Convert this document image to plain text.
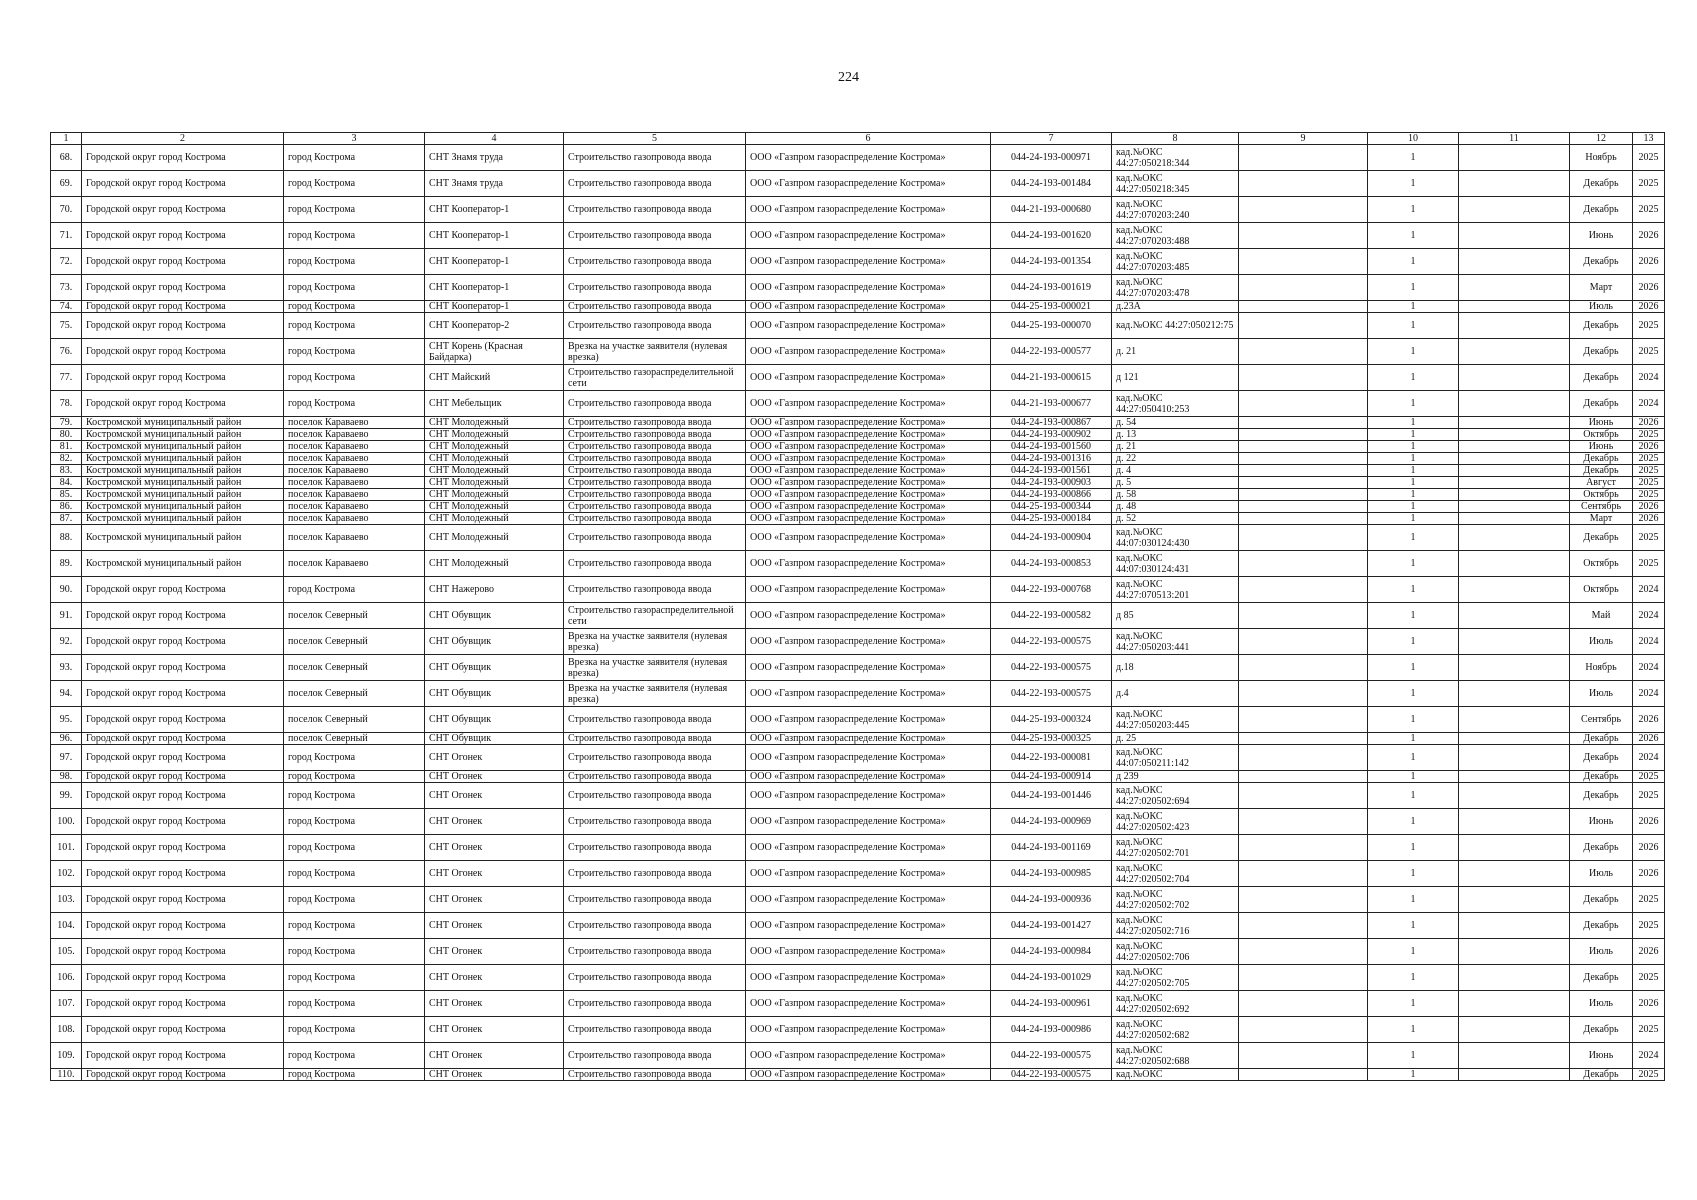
224
1	2	3	4	5	6	7	8	9	10	11	12	13
68.	Городской округ город Кострома	город Кострома	СНТ Знамя труда	Строительство газопровода ввода	ООО «Газпром газораспределение Кострома»	044-24-193-000971	кад.№ОКС 44:27:050218:344		1		Ноябрь	2025
69.	Городской округ город Кострома	город Кострома	СНТ Знамя труда	Строительство газопровода ввода	ООО «Газпром газораспределение Кострома»	044-24-193-001484	кад.№ОКС 44:27:050218:345		1		Декабрь	2025
70.	Городской округ город Кострома	город Кострома	СНТ Кооператор-1	Строительство газопровода ввода	ООО «Газпром газораспределение Кострома»	044-21-193-000680	кад.№ОКС 44:27:070203:240		1		Декабрь	2025
71.	Городской округ город Кострома	город Кострома	СНТ Кооператор-1	Строительство газопровода ввода	ООО «Газпром газораспределение Кострома»	044-24-193-001620	кад.№ОКС 44:27:070203:488		1		Июнь	2026
72.	Городской округ город Кострома	город Кострома	СНТ Кооператор-1	Строительство газопровода ввода	ООО «Газпром газораспределение Кострома»	044-24-193-001354	кад.№ОКС 44:27:070203:485		1		Декабрь	2026
73.	Городской округ город Кострома	город Кострома	СНТ Кооператор-1	Строительство газопровода ввода	ООО «Газпром газораспределение Кострома»	044-24-193-001619	кад.№ОКС 44:27:070203:478		1		Март	2026
74.	Городской округ город Кострома	город Кострома	СНТ Кооператор-1	Строительство газопровода ввода	ООО «Газпром газораспределение Кострома»	044-25-193-000021	д.23А		1		Июль	2026
75.	Городской округ город Кострома	город Кострома	СНТ Кооператор-2	Строительство газопровода ввода	ООО «Газпром газораспределение Кострома»	044-25-193-000070	кад.№ОКС 44:27:050212:75		1		Декабрь	2025
76.	Городской округ город Кострома	город Кострома	СНТ Корень (Красная Байдарка)	Врезка на участке заявителя (нулевая врезка)	ООО «Газпром газораспределение Кострома»	044-22-193-000577	д. 21		1		Декабрь	2025
77.	Городской округ город Кострома	город Кострома	СНТ Майский	Строительство газораспределительной сети	ООО «Газпром газораспределение Кострома»	044-21-193-000615	д 121		1		Декабрь	2024
78.	Городской округ город Кострома	город Кострома	СНТ Мебельщик	Строительство газопровода ввода	ООО «Газпром газораспределение Кострома»	044-21-193-000677	кад.№ОКС 44:27:050410:253		1		Декабрь	2024
79.	Костромской муниципальный район	поселок Караваево	СНТ Молодежный	Строительство газопровода ввода	ООО «Газпром газораспределение Кострома»	044-24-193-000867	д. 54		1		Июнь	2026
80.	Костромской муниципальный район	поселок Караваево	СНТ Молодежный	Строительство газопровода ввода	ООО «Газпром газораспределение Кострома»	044-24-193-000902	д. 13		1		Октябрь	2025
81.	Костромской муниципальный район	поселок Караваево	СНТ Молодежный	Строительство газопровода ввода	ООО «Газпром газораспределение Кострома»	044-24-193-001560	д. 21		1		Июнь	2026
82.	Костромской муниципальный район	поселок Караваево	СНТ Молодежный	Строительство газопровода ввода	ООО «Газпром газораспределение Кострома»	044-24-193-001316	д. 22		1		Декабрь	2025
83.	Костромской муниципальный район	поселок Караваево	СНТ Молодежный	Строительство газопровода ввода	ООО «Газпром газораспределение Кострома»	044-24-193-001561	д. 4		1		Декабрь	2025
84.	Костромской муниципальный район	поселок Караваево	СНТ Молодежный	Строительство газопровода ввода	ООО «Газпром газораспределение Кострома»	044-24-193-000903	д. 5		1		Август	2025
85.	Костромской муниципальный район	поселок Караваево	СНТ Молодежный	Строительство газопровода ввода	ООО «Газпром газораспределение Кострома»	044-24-193-000866	д. 58		1		Октябрь	2025
86.	Костромской муниципальный район	поселок Караваево	СНТ Молодежный	Строительство газопровода ввода	ООО «Газпром газораспределение Кострома»	044-25-193-000344	д. 48		1		Сентябрь	2026
87.	Костромской муниципальный район	поселок Караваево	СНТ Молодежный	Строительство газопровода ввода	ООО «Газпром газораспределение Кострома»	044-25-193-000184	д. 52		1		Март	2026
88.	Костромской муниципальный район	поселок Караваево	СНТ Молодежный	Строительство газопровода ввода	ООО «Газпром газораспределение Кострома»	044-24-193-000904	кад.№ОКС 44:07:030124:430		1		Декабрь	2025
89.	Костромской муниципальный район	поселок Караваево	СНТ Молодежный	Строительство газопровода ввода	ООО «Газпром газораспределение Кострома»	044-24-193-000853	кад.№ОКС 44:07:030124:431		1		Октябрь	2025
90.	Городской округ город Кострома	город Кострома	СНТ Нажерово	Строительство газопровода ввода	ООО «Газпром газораспределение Кострома»	044-22-193-000768	кад.№ОКС 44:27:070513:201		1		Октябрь	2024
91.	Городской округ город Кострома	поселок Северный	СНТ Обувщик	Строительство газораспределительной сети	ООО «Газпром газораспределение Кострома»	044-22-193-000582	д 85		1		Май	2024
92.	Городской округ город Кострома	поселок Северный	СНТ Обувщик	Врезка на участке заявителя (нулевая врезка)	ООО «Газпром газораспределение Кострома»	044-22-193-000575	кад.№ОКС 44:27:050203:441		1		Июль	2024
93.	Городской округ город Кострома	поселок Северный	СНТ Обувщик	Врезка на участке заявителя (нулевая врезка)	ООО «Газпром газораспределение Кострома»	044-22-193-000575	д.18		1		Ноябрь	2024
94.	Городской округ город Кострома	поселок Северный	СНТ Обувщик	Врезка на участке заявителя (нулевая врезка)	ООО «Газпром газораспределение Кострома»	044-22-193-000575	д.4		1		Июль	2024
95.	Городской округ город Кострома	поселок Северный	СНТ Обувщик	Строительство газопровода ввода	ООО «Газпром газораспределение Кострома»	044-25-193-000324	кад.№ОКС 44:27:050203:445		1		Сентябрь	2026
96.	Городской округ город Кострома	поселок Северный	СНТ Обувщик	Строительство газопровода ввода	ООО «Газпром газораспределение Кострома»	044-25-193-000325	д. 25		1		Декабрь	2026
97.	Городской округ город Кострома	город Кострома	СНТ Огонек	Строительство газопровода ввода	ООО «Газпром газораспределение Кострома»	044-22-193-000081	кад.№ОКС 44:07:050211:142		1		Декабрь	2024
98.	Городской округ город Кострома	город Кострома	СНТ Огонек	Строительство газопровода ввода	ООО «Газпром газораспределение Кострома»	044-24-193-000914	д 239		1		Декабрь	2025
99.	Городской округ город Кострома	город Кострома	СНТ Огонек	Строительство газопровода ввода	ООО «Газпром газораспределение Кострома»	044-24-193-001446	кад.№ОКС 44:27:020502:694		1		Декабрь	2025
100.	Городской округ город Кострома	город Кострома	СНТ Огонек	Строительство газопровода ввода	ООО «Газпром газораспределение Кострома»	044-24-193-000969	кад.№ОКС 44:27:020502:423		1		Июнь	2026
101.	Городской округ город Кострома	город Кострома	СНТ Огонек	Строительство газопровода ввода	ООО «Газпром газораспределение Кострома»	044-24-193-001169	кад.№ОКС 44:27:020502:701		1		Декабрь	2026
102.	Городской округ город Кострома	город Кострома	СНТ Огонек	Строительство газопровода ввода	ООО «Газпром газораспределение Кострома»	044-24-193-000985	кад.№ОКС 44:27:020502:704		1		Июль	2026
103.	Городской округ город Кострома	город Кострома	СНТ Огонек	Строительство газопровода ввода	ООО «Газпром газораспределение Кострома»	044-24-193-000936	кад.№ОКС 44:27:020502:702		1		Декабрь	2025
104.	Городской округ город Кострома	город Кострома	СНТ Огонек	Строительство газопровода ввода	ООО «Газпром газораспределение Кострома»	044-24-193-001427	кад.№ОКС 44:27:020502:716		1		Декабрь	2025
105.	Городской округ город Кострома	город Кострома	СНТ Огонек	Строительство газопровода ввода	ООО «Газпром газораспределение Кострома»	044-24-193-000984	кад.№ОКС 44:27:020502:706		1		Июль	2026
106.	Городской округ город Кострома	город Кострома	СНТ Огонек	Строительство газопровода ввода	ООО «Газпром газораспределение Кострома»	044-24-193-001029	кад.№ОКС 44:27:020502:705		1		Декабрь	2025
107.	Городской округ город Кострома	город Кострома	СНТ Огонек	Строительство газопровода ввода	ООО «Газпром газораспределение Кострома»	044-24-193-000961	кад.№ОКС 44:27:020502:692		1		Июль	2026
108.	Городской округ город Кострома	город Кострома	СНТ Огонек	Строительство газопровода ввода	ООО «Газпром газораспределение Кострома»	044-24-193-000986	кад.№ОКС 44:27:020502:682		1		Декабрь	2025
109.	Городской округ город Кострома	город Кострома	СНТ Огонек	Строительство газопровода ввода	ООО «Газпром газораспределение Кострома»	044-22-193-000575	кад.№ОКС 44:27:020502:688		1		Июнь	2024
110.	Городской округ город Кострома	город Кострома	СНТ Огонек	Строительство газопровода ввода	ООО «Газпром газораспределение Кострома»	044-22-193-000575	кад.№ОКС		1		Декабрь	2025
